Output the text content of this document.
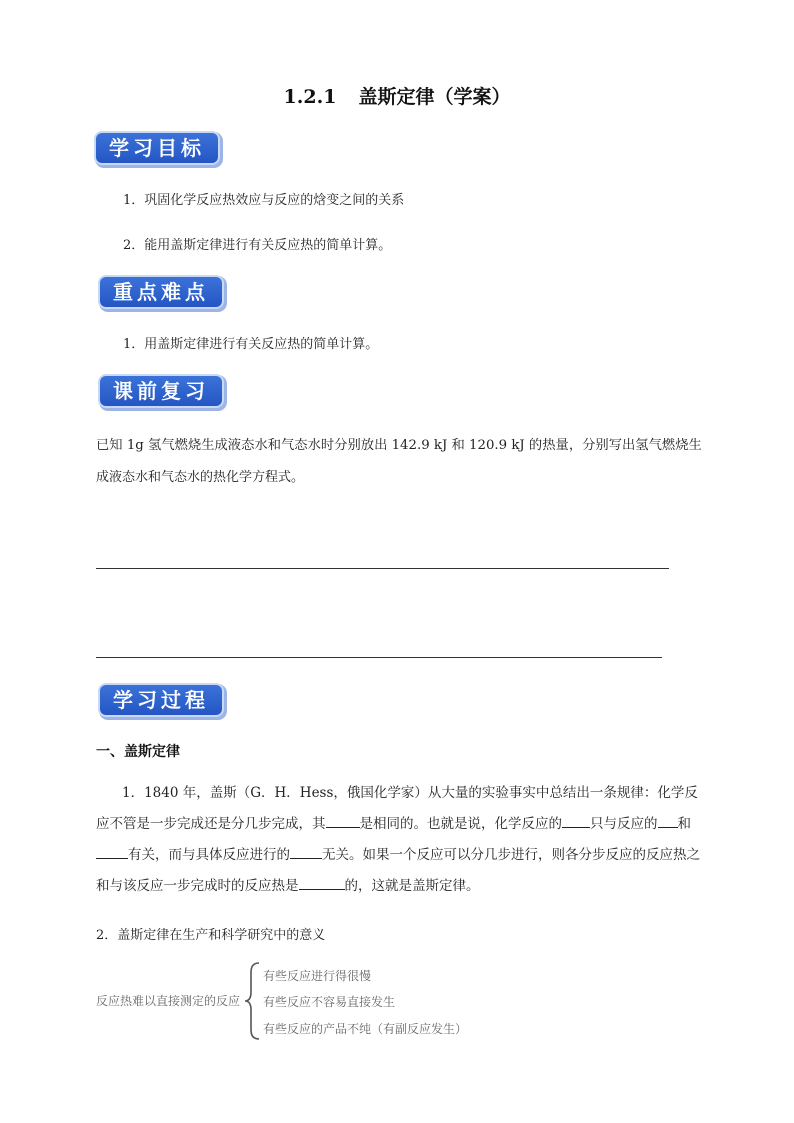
1.2.1 盖斯定律（学案）
学习目标
1．巩固化学反应热效应与反应的焓变之间的关系
2．能用盖斯定律进行有关反应热的简单计算。
重点难点
1．用盖斯定律进行有关反应热的简单计算。
课前复习
已知 1g 氢气燃烧生成液态水和气态水时分别放出 142.9 kJ 和 120.9 kJ 的热量，分别写出氢气燃烧生
成液态水和气态水的热化学方程式。
学习过程
一、盖斯定律
1．1840 年，盖斯（G．H．Hess，俄国化学家）从大量的实验事实中总结出一条规律：化学反应不管是一步完成还是分几步完成，其	是相同的。也就是说，化学反应的 只与反应的 和有关，而与具体反应进行的 无关。如果一个反应可以分几步进行，则各分步反应的反应热之和与该反应一步完成时的反应热是	的，这就是盖斯定律。
2．盖斯定律在生产和科学研究中的意义
反应热难以直接测定的反应
有些反应进行得很慢
有些反应不容易直接发生
有些反应的产品不纯（有副反应发生）
